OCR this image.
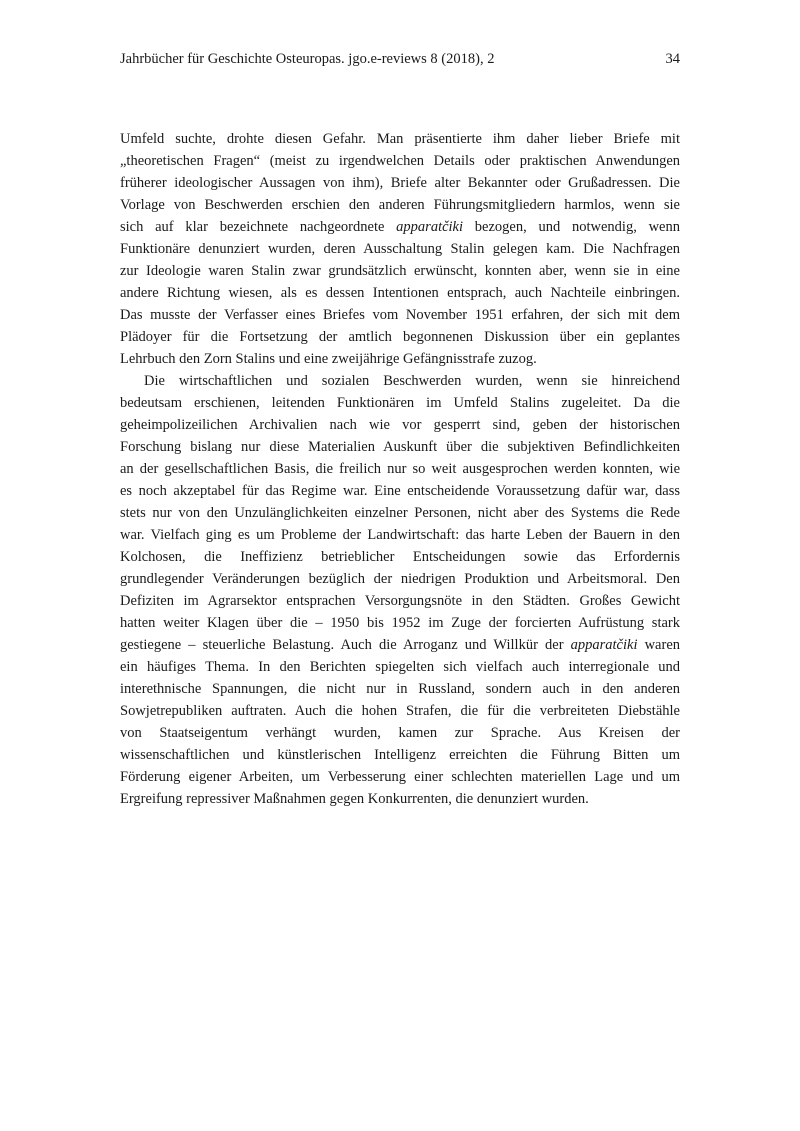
Jahrbücher für Geschichte Osteuropas. jgo.e-reviews 8 (2018), 2	34
Umfeld suchte, drohte diesen Gefahr. Man präsentierte ihm daher lieber Briefe mit
„theoretischen Fragen“ (meist zu irgendwelchen Details oder praktischen Anwendungen
früherer ideologischer Aussagen von ihm), Briefe alter Bekannter oder Grußadressen. Die
Vorlage von Beschwerden erschien den anderen Führungsmitgliedern harmlos, wenn sie
sich auf klar bezeichnete nachgeordnete apparatčiki bezogen, und notwendig, wenn
Funktionäre denunziert wurden, deren Ausschaltung Stalin gelegen kam. Die Nachfragen
zur Ideologie waren Stalin zwar grundsätzlich erwünscht, konnten aber, wenn sie in eine
andere Richtung wiesen, als es dessen Intentionen entsprach, auch Nachteile einbringen.
Das musste der Verfasser eines Briefes vom November 1951 erfahren, der sich mit dem
Plädoyer für die Fortsetzung der amtlich begonnenen Diskussion über ein geplantes
Lehrbuch den Zorn Stalins und eine zweijährige Gefängnisstrafe zuzog.
Die wirtschaftlichen und sozialen Beschwerden wurden, wenn sie hinreichend
bedeutsam erschienen, leitenden Funktionären im Umfeld Stalins zugeleitet. Da die
geheimpolizeilichen Archivalien nach wie vor gesperrt sind, geben der historischen
Forschung bislang nur diese Materialien Auskunft über die subjektiven Befindlichkeiten
an der gesellschaftlichen Basis, die freilich nur so weit ausgesprochen werden konnten, wie
es noch akzeptabel für das Regime war. Eine entscheidende Voraussetzung dafür war, dass
stets nur von den Unzulänglichkeiten einzelner Personen, nicht aber des Systems die Rede
war. Vielfach ging es um Probleme der Landwirtschaft: das harte Leben der Bauern in den
Kolchosen, die Ineffizienz betrieblicher Entscheidungen sowie das Erfordernis
grundlegender Veränderungen bezüglich der niedrigen Produktion und Arbeitsmoral. Den
Defiziten im Agrarsektor entsprachen Versorgungsnöte in den Städten. Großes Gewicht
hatten weiter Klagen über die – 1950 bis 1952 im Zuge der forcierten Aufrüstung stark
gestiegene – steuerliche Belastung. Auch die Arroganz und Willkür der apparatčiki waren
ein häufiges Thema. In den Berichten spiegelten sich vielfach auch interregionale und
interethnische Spannungen, die nicht nur in Russland, sondern auch in den anderen
Sowjetrepubliken auftraten. Auch die hohen Strafen, die für die verbreiteten Diebstähle
von Staatseigentum verhängt wurden, kamen zur Sprache. Aus Kreisen der
wissenschaftlichen und künstlerischen Intelligenz erreichten die Führung Bitten um
Förderung eigener Arbeiten, um Verbesserung einer schlechten materiellen Lage und um
Ergreifung repressiver Maßnahmen gegen Konkurrenten, die denunziert wurden.
